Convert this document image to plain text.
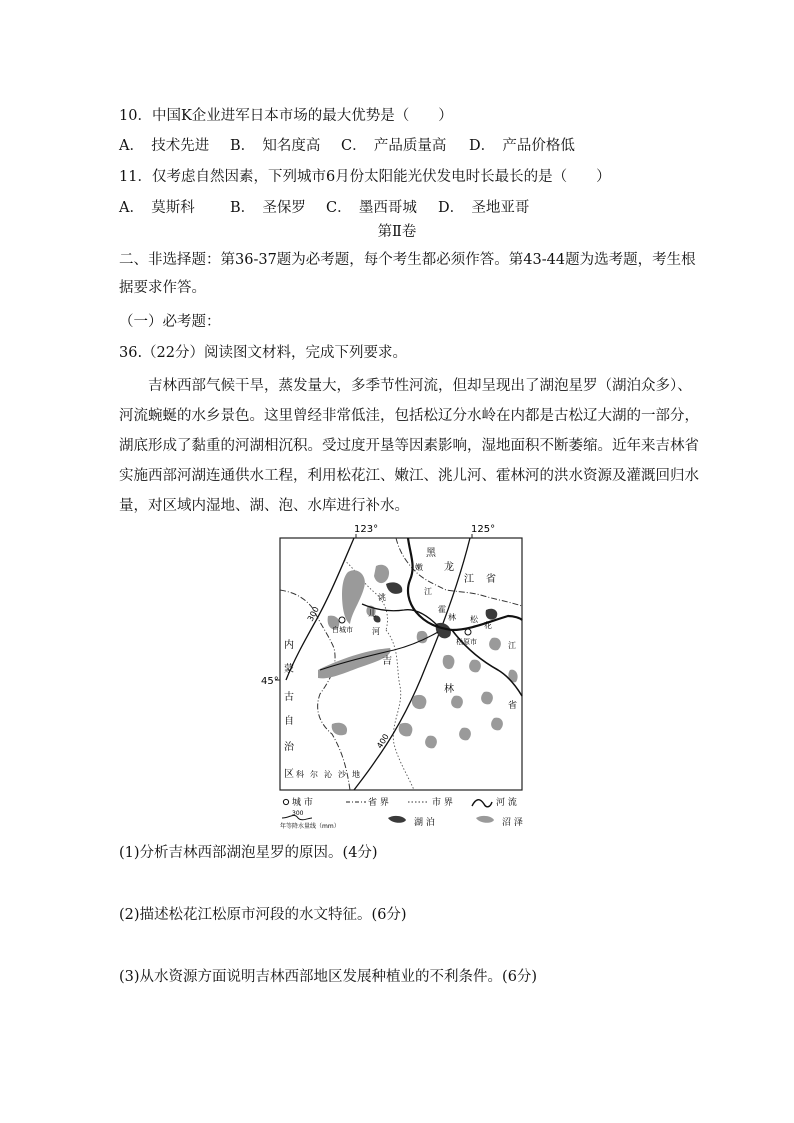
10．中国K企业进军日本市场的最大优势是（　　）
A．　技术先进	B．　知名度高	C．　产品质量高	D．　产品价格低
11．仅考虑自然因素，下列城市6月份太阳能光伏发电时长最长的是（　　）
A．　莫斯科	B．　圣保罗	C．　墨西哥城	D．　圣地亚哥
第Ⅱ卷
二、非选择题：第36-37题为必考题，每个考生都必须作答。第43-44题为选考题，考生根
据要求作答。
（一）必考题：
36.（22分）阅读图文材料，完成下列要求。
　　吉林西部气候干旱，蒸发量大，多季节性河流，但却呈现出了湖泡星罗（湖泊众多）、
河流蜿蜒的水乡景色。这里曾经非常低洼，包括松辽分水岭在内都是古松辽大湖的一部分，
湖底形成了黏重的河湖相沉积。受过度开垦等因素影响，湿地面积不断萎缩。近年来吉林省
实施西部河湖连通供水工程，利用松花江、嫩江、洮儿河、霍林河的洪水资源及灌溉回归水
量，对区域内湿地、湖、泡、水库进行补水。
123°	125°
45°
300
400
白城市
松原市
黑
龙
江 省
内
蒙
古
自
治
区
吉
林
科 尔 沁 沙 地
嫩
江
洮
儿
河
松
花
江
霍
林
省
城 市	省 界	市 界	河 流
300
年等降水量线（mm）	湖 泊	沼 泽
(1)分析吉林西部湖泡星罗的原因。(4分)
(2)描述松花江松原市河段的水文特征。(6分)
(3)从水资源方面说明吉林西部地区发展种植业的不利条件。(6分)
